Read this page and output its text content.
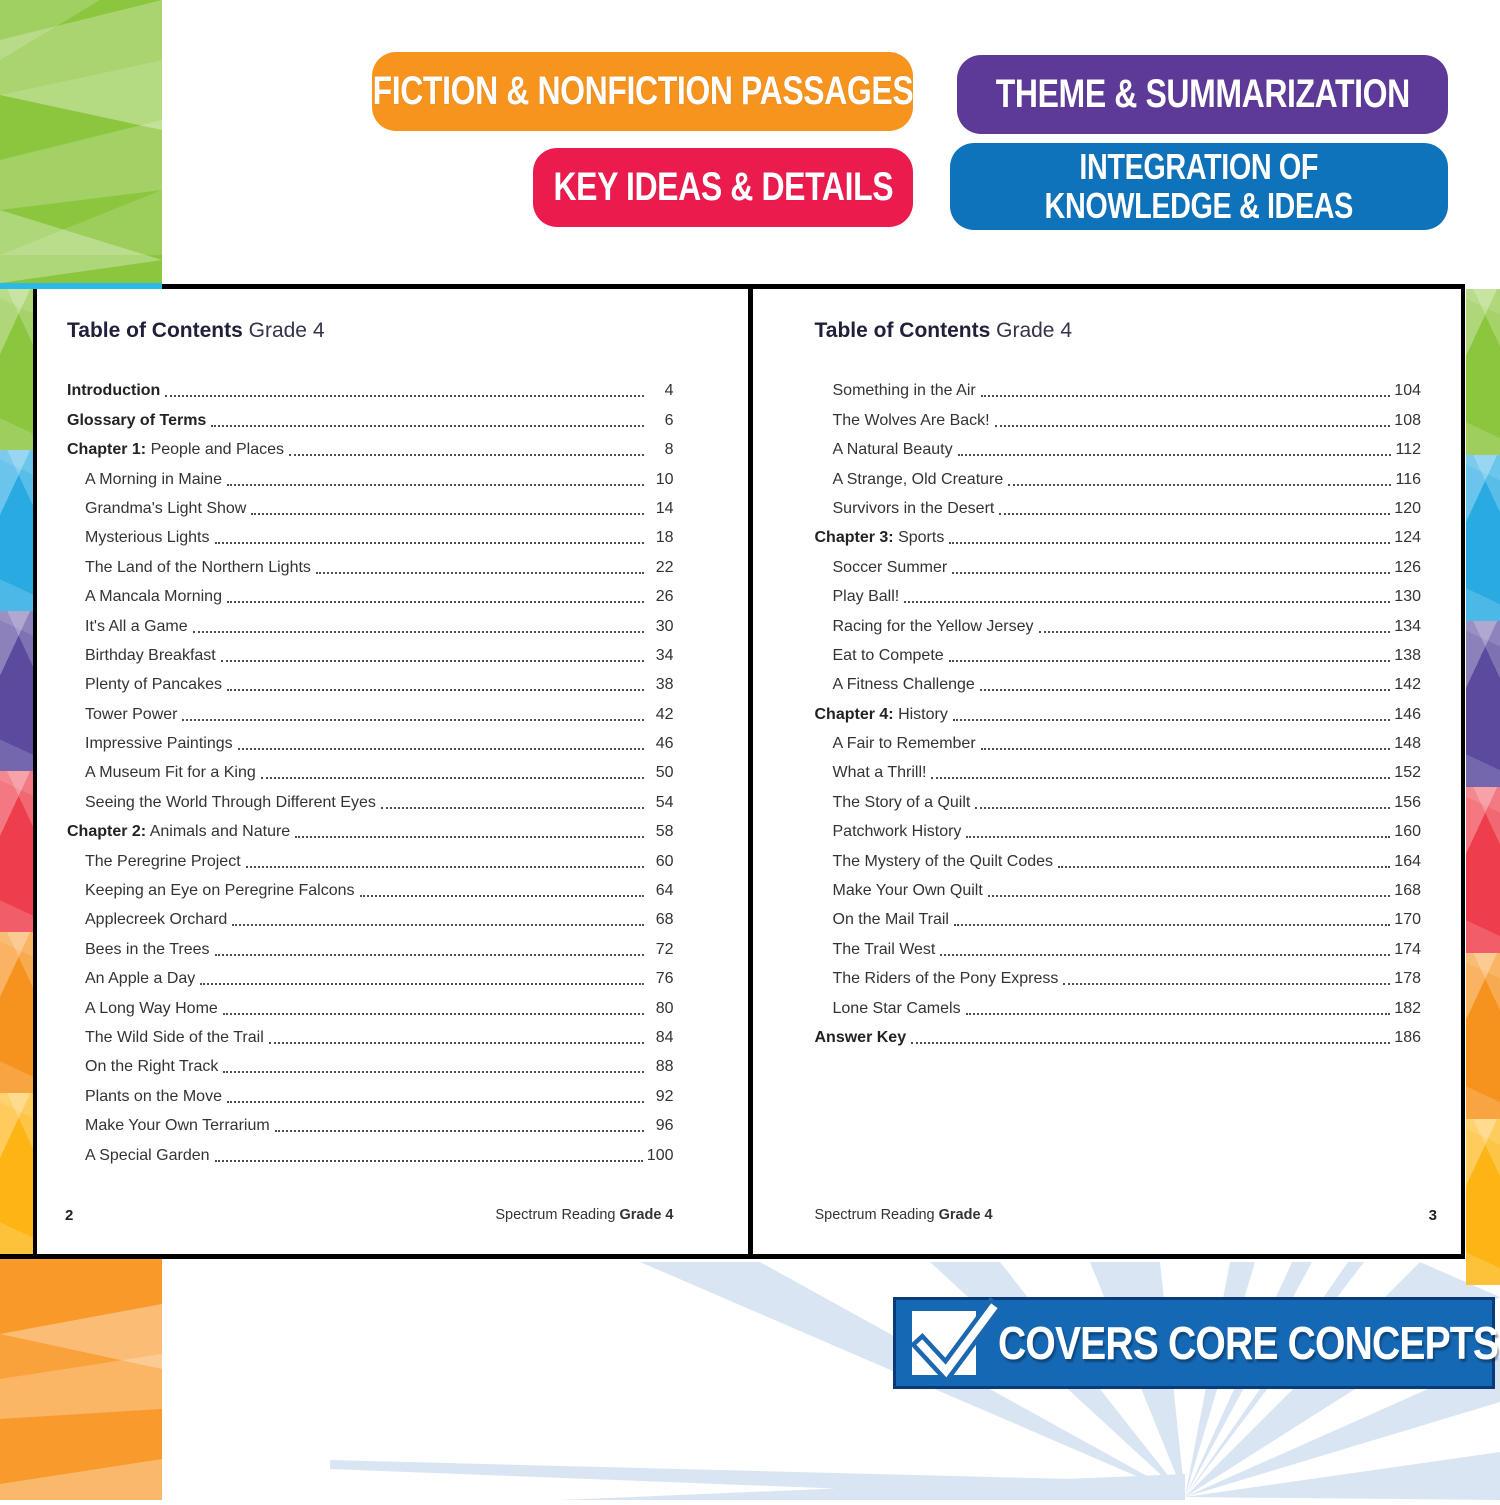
FICTION & NONFICTION PASSAGES THEME & SUMMARIZATION
KEY IDEAS & DETAILS	INTEGRATION OF
KNOWLEDGE & IDEAS

Table of Contents Grade 4

Introduction	4
Glossary of Terms	6
Chapter 1: People and Places	8
A Morning in Maine	10
Grandma's Light Show	14
Mysterious Lights	18
The Land of the Northern Lights	22
A Mancala Morning	26
It's All a Game	30
Birthday Breakfast	34
Plenty of Pancakes	38
Tower Power	42
Impressive Paintings	46
A Museum Fit for a King	50
Seeing the World Through Different Eyes	54
Chapter 2: Animals and Nature	58
The Peregrine Project	60
Keeping an Eye on Peregrine Falcons	64
Applecreek Orchard	68
Bees in the Trees	72
An Apple a Day	76
A Long Way Home	80
The Wild Side of the Trail	84
On the Right Track	88
Plants on the Move	92
Make Your Own Terrarium	96
A Special Garden	100
2	Spectrum Reading Grade 4

Table of Contents Grade 4

Something in the Air	104
The Wolves Are Back!	108
A Natural Beauty	112
A Strange, Old Creature	116
Survivors in the Desert	120
Chapter 3: Sports	124
Soccer Summer	126
Play Ball!	130
Racing for the Yellow Jersey	134
Eat to Compete	138
A Fitness Challenge	142
Chapter 4: History	146
A Fair to Remember	148
What a Thrill!	152
The Story of a Quilt	156
Patchwork History	160
The Mystery of the Quilt Codes	164
Make Your Own Quilt	168
On the Mail Trail	170
The Trail West	174
The Riders of the Pony Express	178
Lone Star Camels	182
Answer Key	186
Spectrum Reading Grade 4	3
COVERS CORE CONCEPTS
